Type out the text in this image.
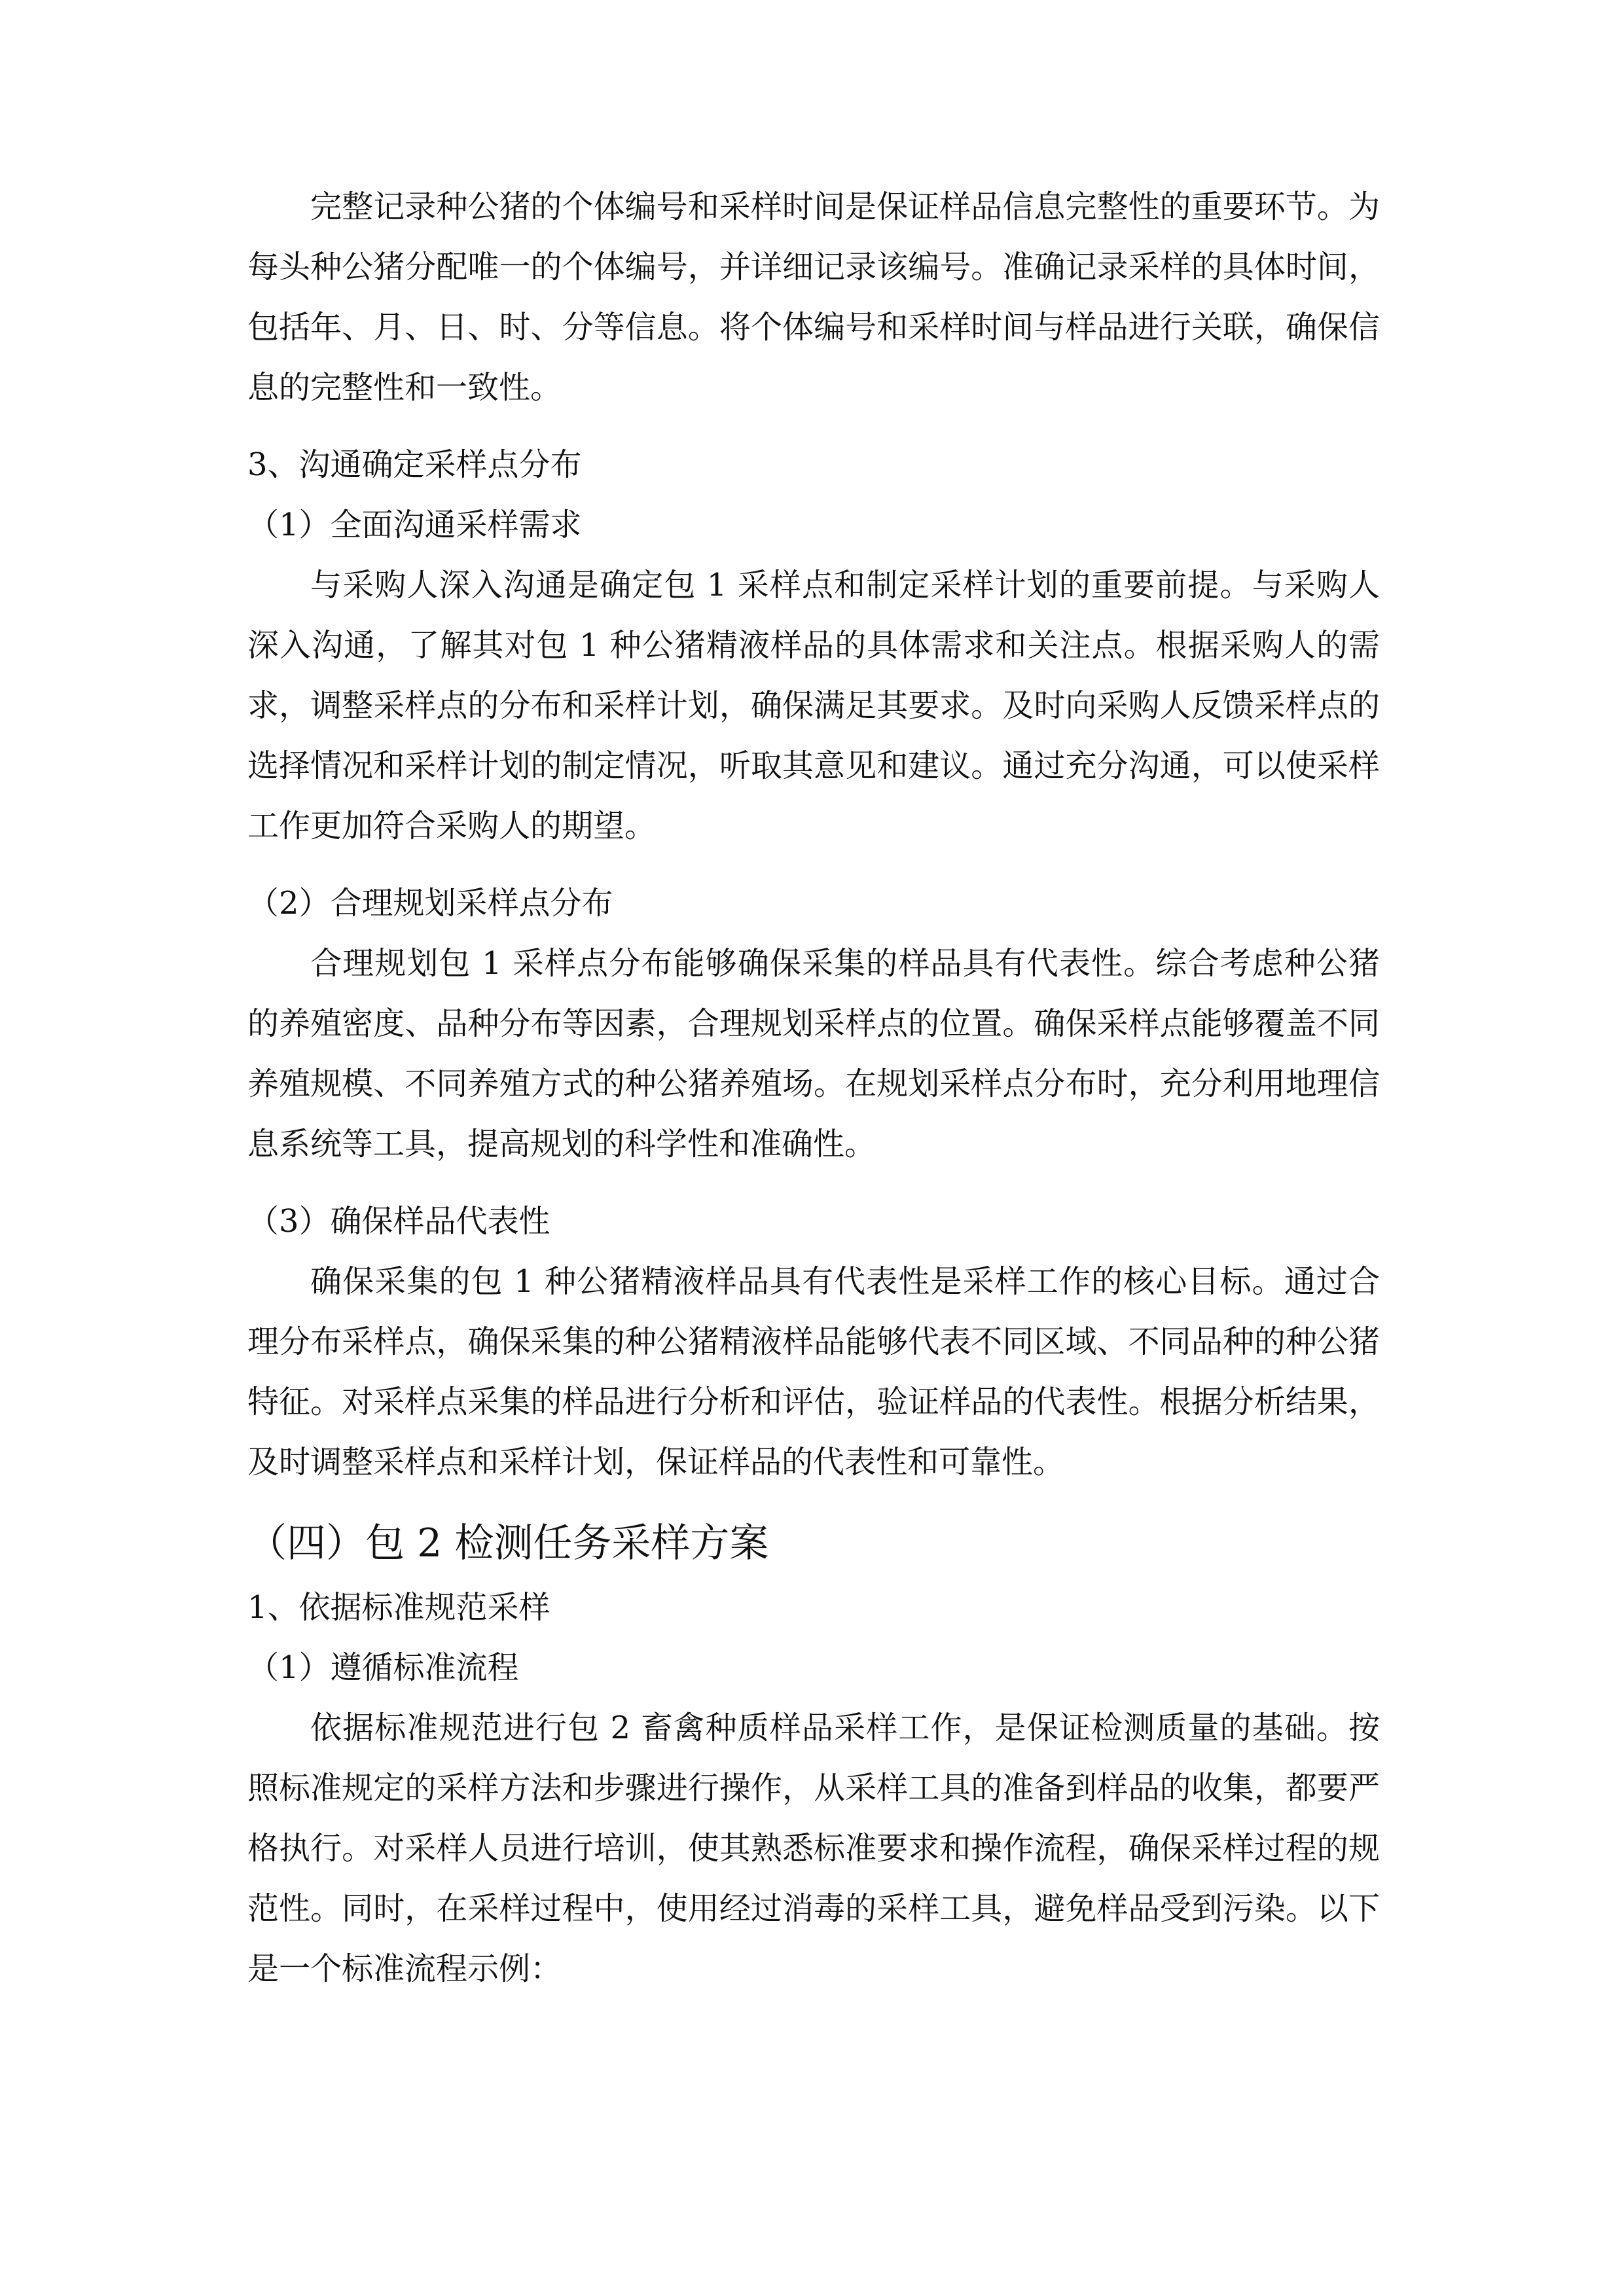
完整记录种公猪的个体编号和采样时间是保证样品信息完整性的重要环节。为每头种公猪分配唯一的个体编号，并详细记录该编号。准确记录采样的具体时间，包括年、月、日、时、分等信息。将个体编号和采样时间与样品进行关联，确保信息的完整性和一致性。

3、沟通确定采样点分布

（1）全面沟通采样需求

与采购人深入沟通是确定包 1 采样点和制定采样计划的重要前提。与采购人深入沟通，了解其对包 1 种公猪精液样品的具体需求和关注点。根据采购人的需求，调整采样点的分布和采样计划，确保满足其要求。及时向采购人反馈采样点的选择情况和采样计划的制定情况，听取其意见和建议。通过充分沟通，可以使采样工作更加符合采购人的期望。

（2）合理规划采样点分布

合理规划包 1 采样点分布能够确保采集的样品具有代表性。综合考虑种公猪的养殖密度、品种分布等因素，合理规划采样点的位置。确保采样点能够覆盖不同养殖规模、不同养殖方式的种公猪养殖场。在规划采样点分布时，充分利用地理信息系统等工具，提高规划的科学性和准确性。

（3）确保样品代表性

确保采集的包 1 种公猪精液样品具有代表性是采样工作的核心目标。通过合理分布采样点，确保采集的种公猪精液样品能够代表不同区域、不同品种的种公猪特征。对采样点采集的样品进行分析和评估，验证样品的代表性。根据分析结果，及时调整采样点和采样计划，保证样品的代表性和可靠性。

（四）包 2 检测任务采样方案

1、依据标准规范采样

（1）遵循标准流程

依据标准规范进行包 2 畜禽种质样品采样工作，是保证检测质量的基础。按照标准规定的采样方法和步骤进行操作，从采样工具的准备到样品的收集，都要严格执行。对采样人员进行培训，使其熟悉标准要求和操作流程，确保采样过程的规范性。同时，在采样过程中，使用经过消毒的采样工具，避免样品受到污染。以下是一个标准流程示例：
